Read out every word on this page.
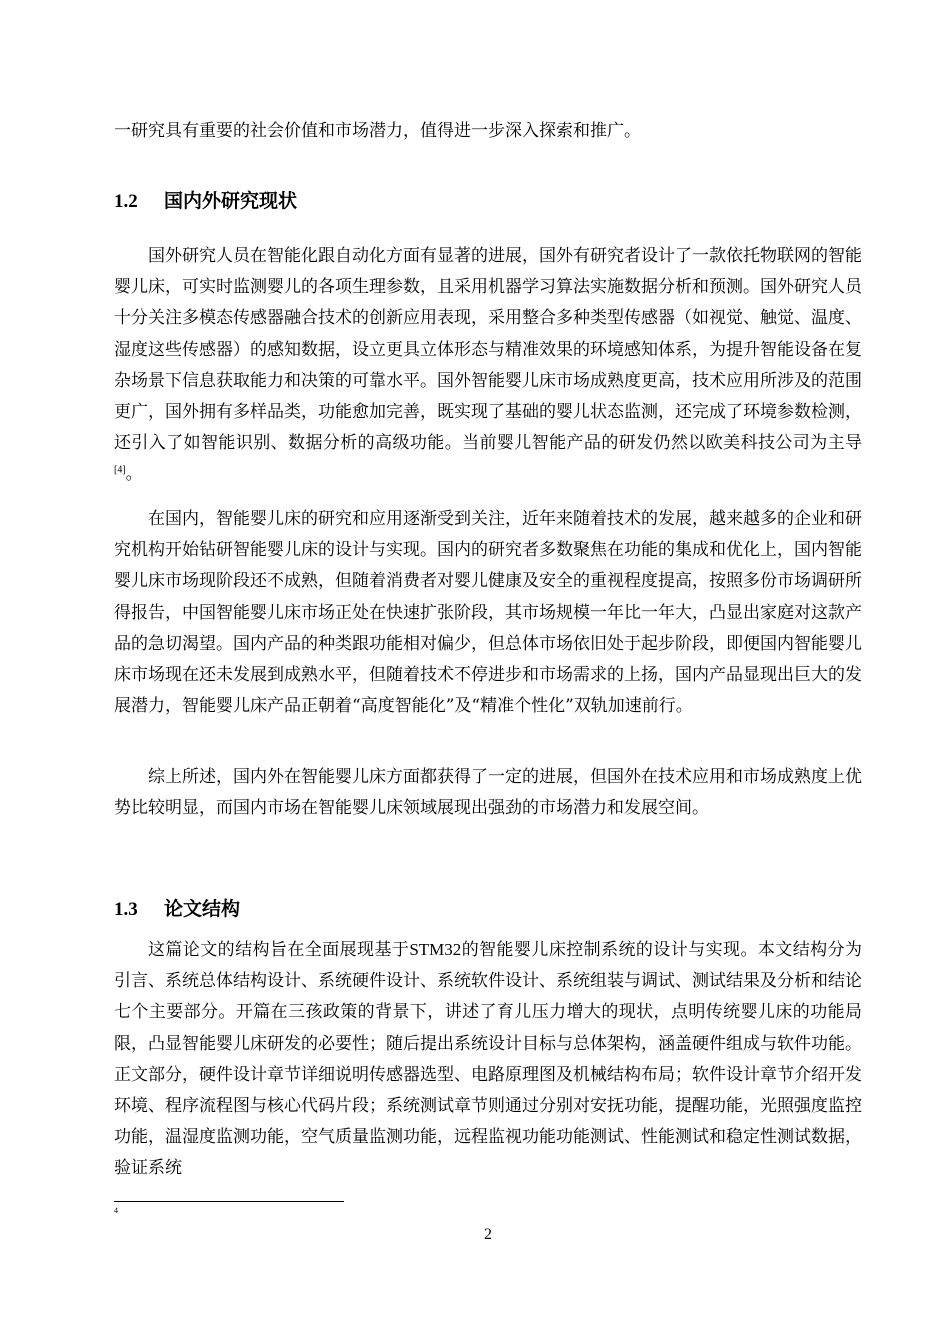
一研究具有重要的社会价值和市场潜力，值得进一步深入探索和推广。

1.2 国内外研究现状

国外研究人员在智能化跟自动化方面有显著的进展，国外有研究者设计了一款依托物联网的智能婴儿床，可实时监测婴儿的各项生理参数，且采用机器学习算法实施数据分析和预测。国外研究人员十分关注多模态传感器融合技术的创新应用表现，采用整合多种类型传感器（如视觉、触觉、温度、湿度这些传感器）的感知数据，设立更具立体形态与精准效果的环境感知体系，为提升智能设备在复杂场景下信息获取能力和决策的可靠水平。国外智能婴儿床市场成熟度更高，技术应用所涉及的范围更广，国外拥有多样品类，功能愈加完善，既实现了基础的婴儿状态监测，还完成了环境参数检测，还引入了如智能识别、数据分析的高级功能。当前婴儿智能产品的研发仍然以欧美科技公司为主导[4]。

在国内，智能婴儿床的研究和应用逐渐受到关注，近年来随着技术的发展，越来越多的企业和研究机构开始钻研智能婴儿床的设计与实现。国内的研究者多数聚焦在功能的集成和优化上，国内智能婴儿床市场现阶段还不成熟，但随着消费者对婴儿健康及安全的重视程度提高，按照多份市场调研所得报告，中国智能婴儿床市场正处在快速扩张阶段，其市场规模一年比一年大，凸显出家庭对这款产品的急切渴望。国内产品的种类跟功能相对偏少，但总体市场依旧处于起步阶段，即便国内智能婴儿床市场现在还未发展到成熟水平，但随着技术不停进步和市场需求的上扬，国内产品显现出巨大的发展潜力，智能婴儿床产品正朝着“高度智能化”及“精准个性化”双轨加速前行。

综上所述，国内外在智能婴儿床方面都获得了一定的进展，但国外在技术应用和市场成熟度上优势比较明显，而国内市场在智能婴儿床领域展现出强劲的市场潜力和发展空间。

1.3 论文结构

这篇论文的结构旨在全面展现基于STM32的智能婴儿床控制系统的设计与实现。本文结构分为引言、系统总体结构设计、系统硬件设计、系统软件设计、系统组装与调试、测试结果及分析和结论七个主要部分。开篇在三孩政策的背景下，讲述了育儿压力增大的现状，点明传统婴儿床的功能局限，凸显智能婴儿床研发的必要性；随后提出系统设计目标与总体架构，涵盖硬件组成与软件功能。正文部分，硬件设计章节详细说明传感器选型、电路原理图及机械结构布局；软件设计章节介绍开发环境、程序流程图与核心代码片段；系统测试章节则通过分别对安抚功能，提醒功能，光照强度监控功能，温湿度监测功能，空气质量监测功能，远程监视功能功能测试、性能测试和稳定性测试数据，验证系统

4
2
